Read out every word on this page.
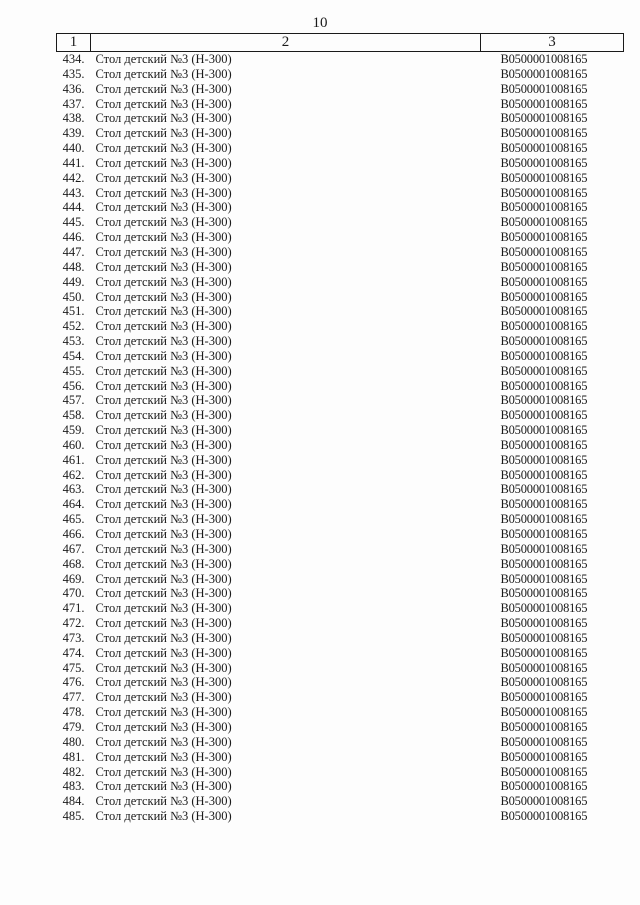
10
1	2	3
434.	Стол детский №3 (Н-300)	В0500001008165
435.	Стол детский №3 (Н-300)	В0500001008165
436.	Стол детский №3 (Н-300)	В0500001008165
437.	Стол детский №3 (Н-300)	В0500001008165
438.	Стол детский №3 (Н-300)	В0500001008165
439.	Стол детский №3 (Н-300)	В0500001008165
440.	Стол детский №3 (Н-300)	В0500001008165
441.	Стол детский №3 (Н-300)	В0500001008165
442.	Стол детский №3 (Н-300)	В0500001008165
443.	Стол детский №3 (Н-300)	В0500001008165
444.	Стол детский №3 (Н-300)	В0500001008165
445.	Стол детский №3 (Н-300)	В0500001008165
446.	Стол детский №3 (Н-300)	В0500001008165
447.	Стол детский №3 (Н-300)	В0500001008165
448.	Стол детский №3 (Н-300)	В0500001008165
449.	Стол детский №3 (Н-300)	В0500001008165
450.	Стол детский №3 (Н-300)	В0500001008165
451.	Стол детский №3 (Н-300)	В0500001008165
452.	Стол детский №3 (Н-300)	В0500001008165
453.	Стол детский №3 (Н-300)	В0500001008165
454.	Стол детский №3 (Н-300)	В0500001008165
455.	Стол детский №3 (Н-300)	В0500001008165
456.	Стол детский №3 (Н-300)	В0500001008165
457.	Стол детский №3 (Н-300)	В0500001008165
458.	Стол детский №3 (Н-300)	В0500001008165
459.	Стол детский №3 (Н-300)	В0500001008165
460.	Стол детский №3 (Н-300)	В0500001008165
461.	Стол детский №3 (Н-300)	В0500001008165
462.	Стол детский №3 (Н-300)	В0500001008165
463.	Стол детский №3 (Н-300)	В0500001008165
464.	Стол детский №3 (Н-300)	В0500001008165
465.	Стол детский №3 (Н-300)	В0500001008165
466.	Стол детский №3 (Н-300)	В0500001008165
467.	Стол детский №3 (Н-300)	В0500001008165
468.	Стол детский №3 (Н-300)	В0500001008165
469.	Стол детский №3 (Н-300)	В0500001008165
470.	Стол детский №3 (Н-300)	В0500001008165
471.	Стол детский №3 (Н-300)	В0500001008165
472.	Стол детский №3 (Н-300)	В0500001008165
473.	Стол детский №3 (Н-300)	В0500001008165
474.	Стол детский №3 (Н-300)	В0500001008165
475.	Стол детский №3 (Н-300)	В0500001008165
476.	Стол детский №3 (Н-300)	В0500001008165
477.	Стол детский №3 (Н-300)	В0500001008165
478.	Стол детский №3 (Н-300)	В0500001008165
479.	Стол детский №3 (Н-300)	В0500001008165
480.	Стол детский №3 (Н-300)	В0500001008165
481.	Стол детский №3 (Н-300)	В0500001008165
482.	Стол детский №3 (Н-300)	В0500001008165
483.	Стол детский №3 (Н-300)	В0500001008165
484.	Стол детский №3 (Н-300)	В0500001008165
485.	Стол детский №3 (Н-300)	В0500001008165
